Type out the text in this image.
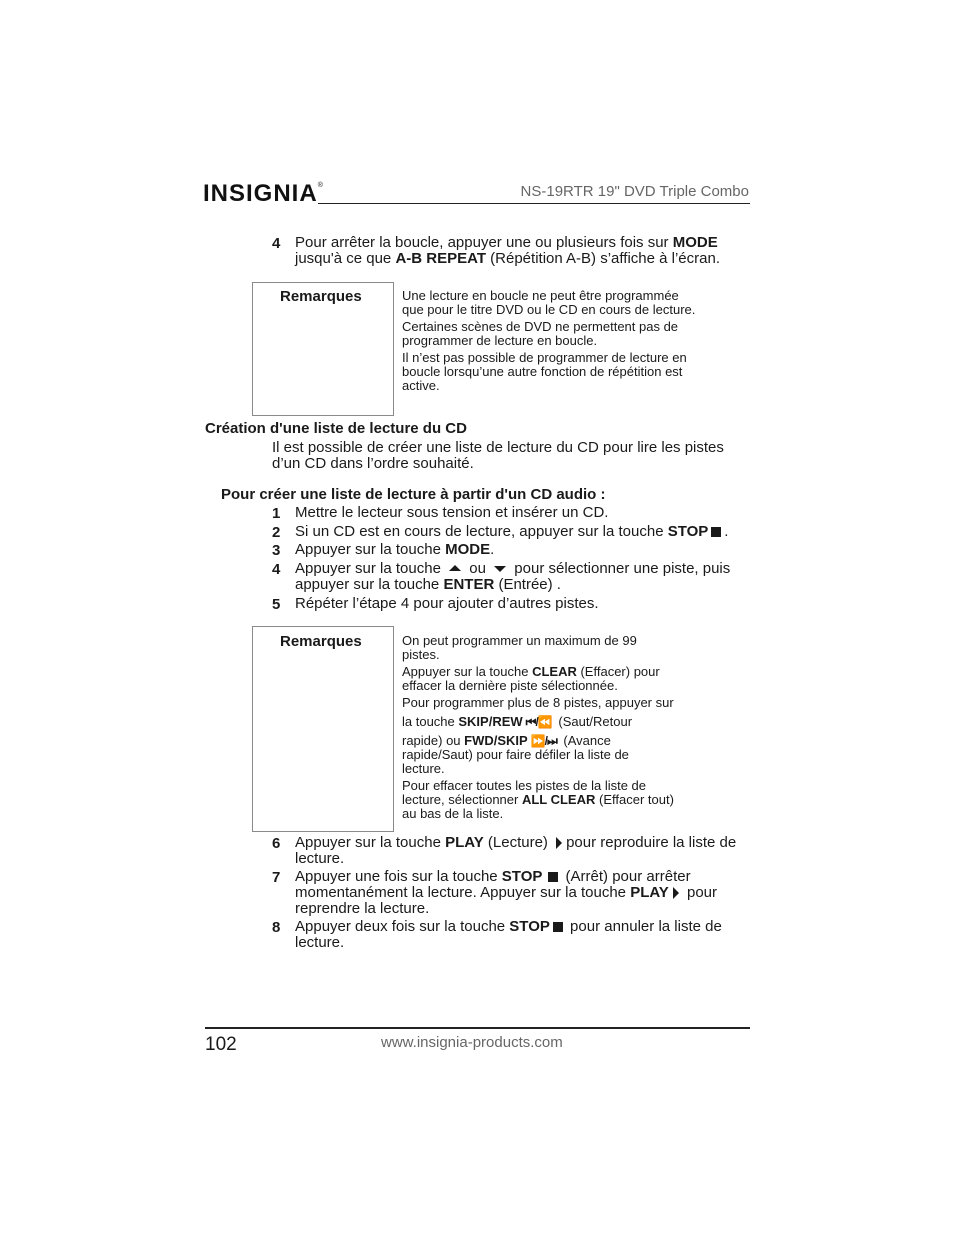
INSIGNIA®	NS-19RTR 19" DVD Triple Combo
4 Pour arrêter la boucle, appuyer une ou plusieurs fois sur MODE
jusqu'à ce que A-B REPEAT (Répétition A-B) s’affiche à l’écran.
Remarques	Une lecture en boucle ne peut être programmée que pour le titre DVD ou le CD en cours de lecture.
Certaines scènes de DVD ne permettent pas de programmer de lecture en boucle.
Il n’est pas possible de programmer de lecture en boucle lorsqu’une autre fonction de répétition est active.
Création d'une liste de lecture du CD
Il est possible de créer une liste de lecture du CD pour lire les pistes d’un CD dans l’ordre souhaité.
Pour créer une liste de lecture à partir d'un CD audio :
1 Mettre le lecteur sous tension et insérer un CD.
2 Si un CD est en cours de lecture, appuyer sur la touche STOP .
3 Appuyer sur la touche MODE.
4 Appuyer sur la touche  ou  pour sélectionner une piste, puis appuyer sur la touche ENTER (Entrée) .
5 Répéter l’étape 4 pour ajouter d’autres pistes.
Remarques	On peut programmer un maximum de 99 pistes.
Appuyer sur la touche CLEAR (Effacer) pour effacer la dernière piste sélectionnée.
Pour programmer plus de 8 pistes, appuyer sur
la touche SKIP/REW ⏮/⏪ (Saut/Retour
rapide) ou FWD/SKIP ⏩/⏭ (Avance
rapide/Saut) pour faire défiler la liste de lecture.
Pour effacer toutes les pistes de la liste de lecture, sélectionner ALL CLEAR (Effacer tout) au bas de la liste.
6 Appuyer sur la touche PLAY (Lecture) pour reproduire la liste de lecture.
7 Appuyer une fois sur la touche STOP (Arrêt) pour arrêter momentanément la lecture. Appuyer sur la touche PLAY pour reprendre la lecture.
8 Appuyer deux fois sur la touche STOP pour annuler la liste de lecture.
102	www.insignia-products.com
